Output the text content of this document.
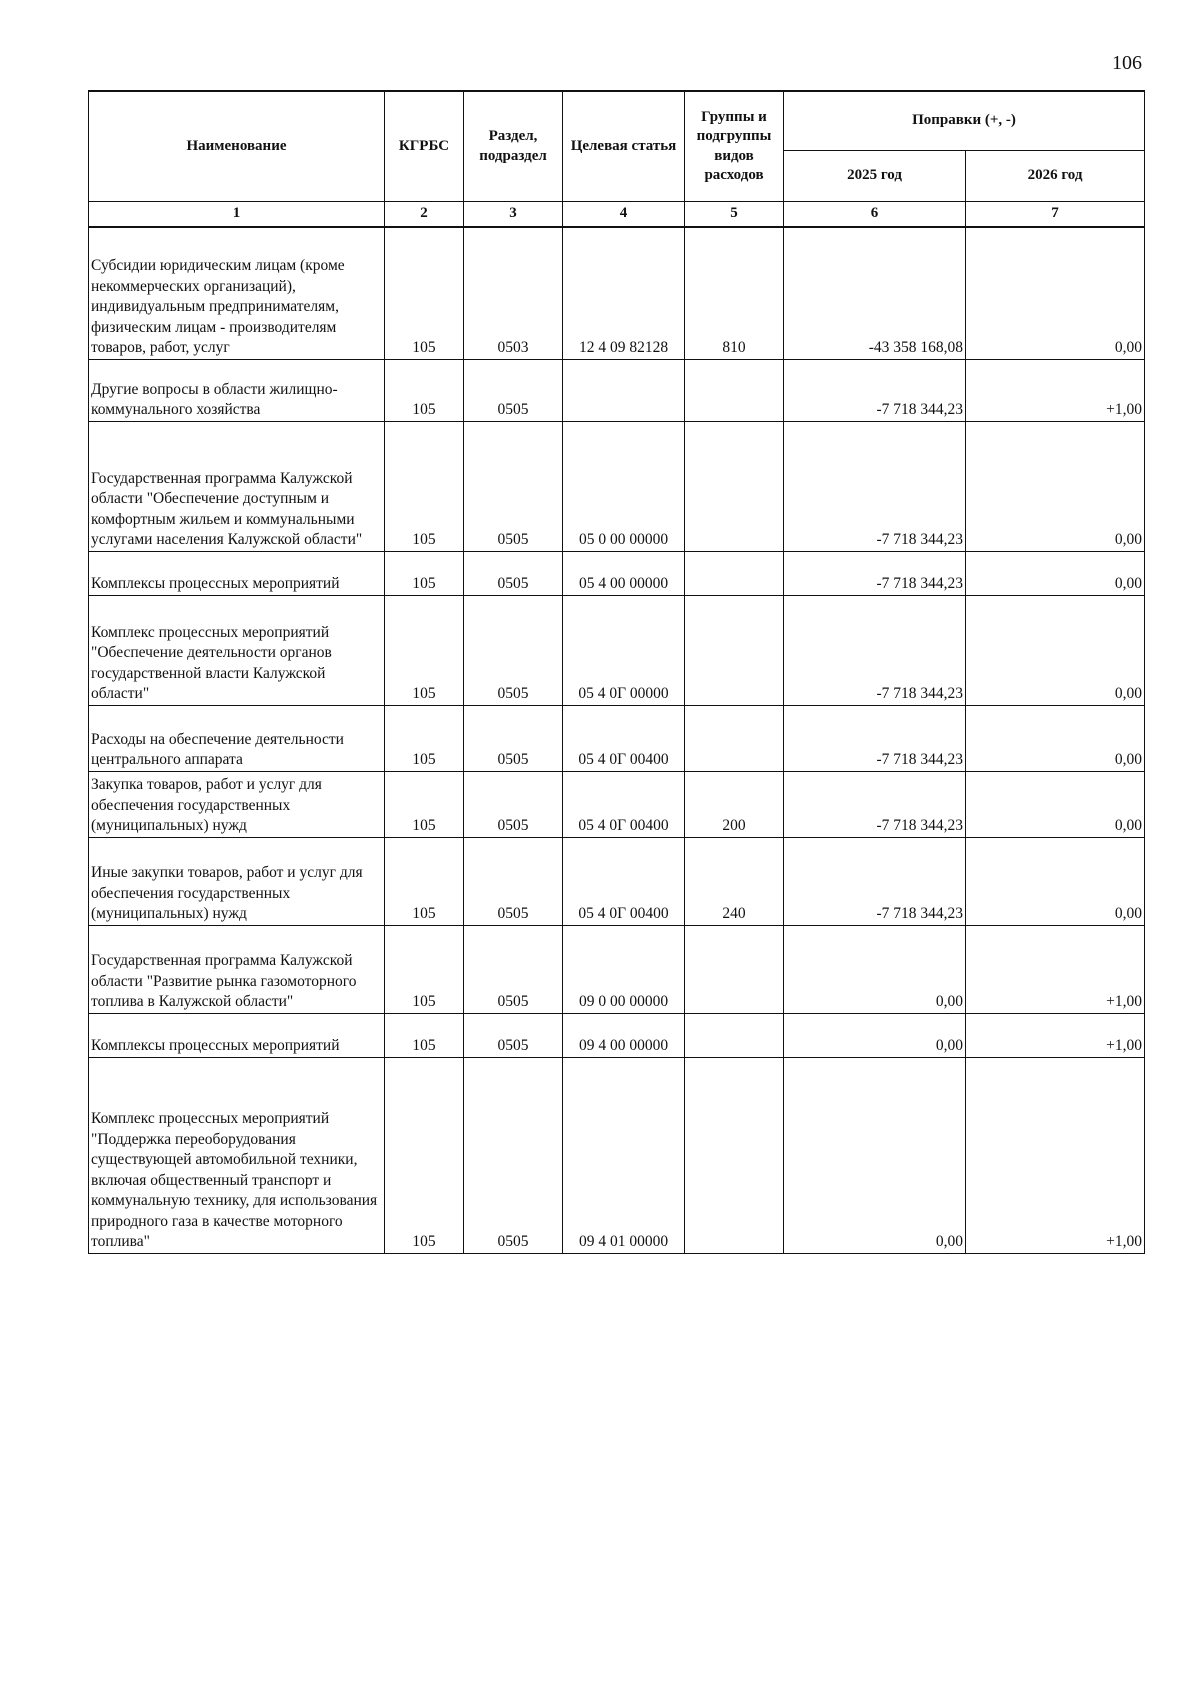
106
Наименование	КГРБС	Раздел, подраздел	Целевая статья	Группы и подгруппы видов расходов	Поправки (+, -)	
					2025 год	2026 год
1	2	3	4	5	6	7
Субсидии юридическим лицам (кроме некоммерческих организаций), индивидуальным предпринимателям, физическим лицам - производителям товаров, работ, услуг	105	0503	12 4 09 82128	810	-43 358 168,08	0,00
Другие вопросы в области жилищно-коммунального хозяйства	105	0505			-7 718 344,23	+1,00
Государственная программа Калужской области "Обеспечение доступным и комфортным жильем и коммунальными услугами населения Калужской области"	105	0505	05 0 00 00000		-7 718 344,23	0,00
Комплексы процессных мероприятий	105	0505	05 4 00 00000		-7 718 344,23	0,00
Комплекс процессных мероприятий "Обеспечение деятельности органов государственной власти Калужской области"	105	0505	05 4 0Г 00000		-7 718 344,23	0,00
Расходы на обеспечение деятельности центрального аппарата	105	0505	05 4 0Г 00400		-7 718 344,23	0,00
Закупка товаров, работ и услуг для обеспечения государственных (муниципальных) нужд	105	0505	05 4 0Г 00400	200	-7 718 344,23	0,00
Иные закупки товаров, работ и услуг для обеспечения государственных (муниципальных) нужд	105	0505	05 4 0Г 00400	240	-7 718 344,23	0,00
Государственная программа Калужской области "Развитие рынка газомоторного топлива в Калужской области"	105	0505	09 0 00 00000		0,00	+1,00
Комплексы процессных мероприятий	105	0505	09 4 00 00000		0,00	+1,00
Комплекс процессных мероприятий "Поддержка переоборудования существующей автомобильной техники, включая общественный транспорт и коммунальную технику, для использования природного газа в качестве моторного топлива"	105	0505	09 4 01 00000		0,00	+1,00
